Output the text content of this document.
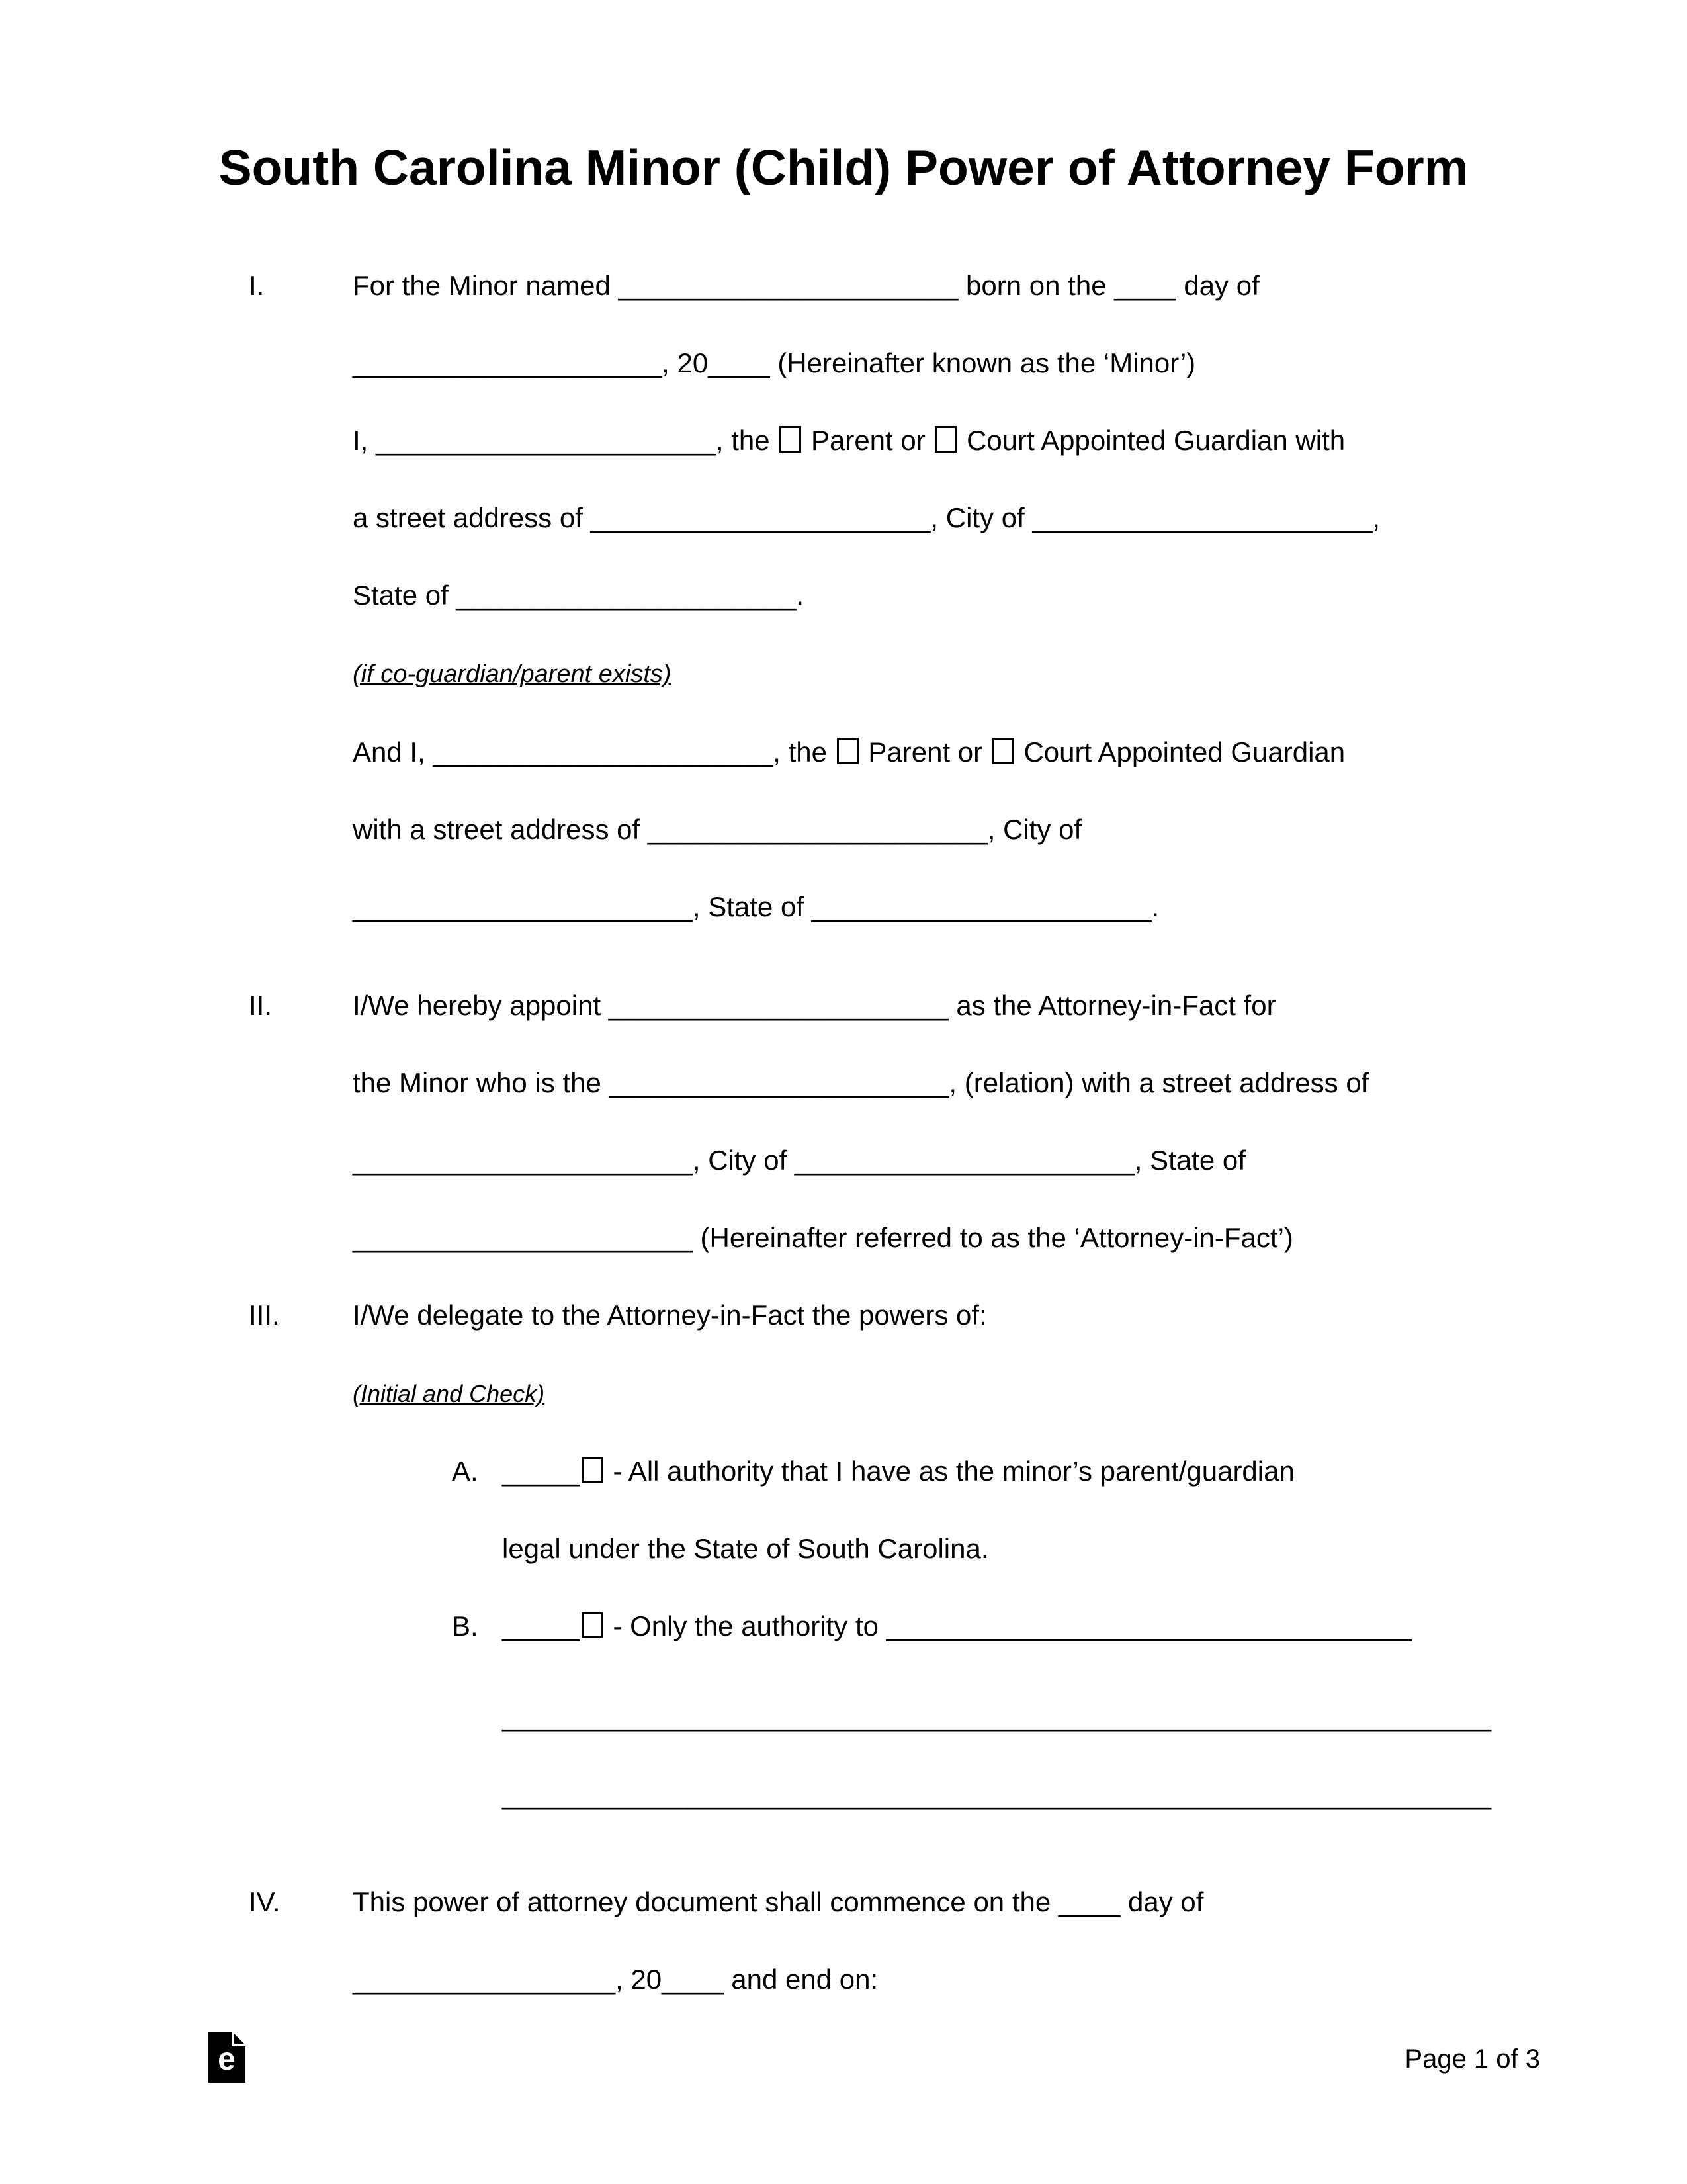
South Carolina Minor (Child) Power of Attorney Form
I.	For the Minor named ______________________ born on the ____ day of
____________________, 20____ (Hereinafter known as the ‘Minor’)
I, ______________________, the  Parent or  Court Appointed Guardian with
a street address of ______________________, City of ______________________,
State of ______________________.
(if co-guardian/parent exists)
And I, ______________________, the  Parent or  Court Appointed Guardian
with a street address of ______________________, City of
______________________, State of ______________________.
II.	I/We hereby appoint ______________________ as the Attorney-in-Fact for
the Minor who is the ______________________, (relation) with a street address of
______________________, City of ______________________, State of
______________________ (Hereinafter referred to as the ‘Attorney-in-Fact’)
III.	I/We delegate to the Attorney-in-Fact the powers of:
(Initial and Check)
A. _____ - All authority that I have as the minor’s parent/guardian
legal under the State of South Carolina.
B. _____ - Only the authority to __________________________________
________________________________________________________________
________________________________________________________________
IV.	This power of attorney document shall commence on the ____ day of
_________________, 20____ and end on:
e	Page 1 of 3
